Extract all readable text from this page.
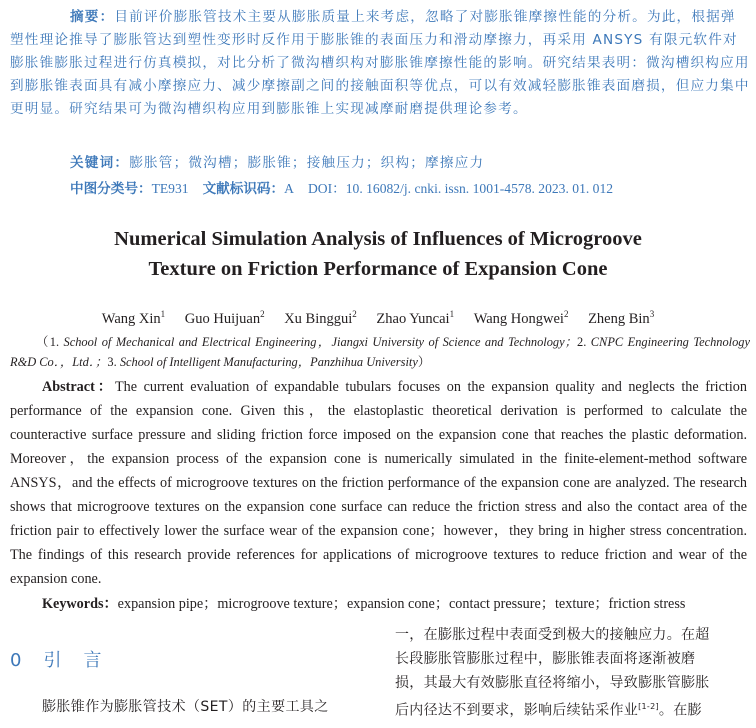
摘要：目前评价膨胀管技术主要从膨胀质量上来考虑，忽略了对膨胀锥摩擦性能的分析。为此，根据弹塑性理论推导了膨胀管达到塑性变形时反作用于膨胀锥的表面压力和滑动摩擦力，再采用 ANSYS 有限元软件对膨胀锥膨胀过程进行仿真模拟，对比分析了微沟槽织构对膨胀锥摩擦性能的影响。研究结果表明：微沟槽织构应用到膨胀锥表面具有减小摩擦应力、减少摩擦副之间的接触面积等优点，可以有效减轻膨胀锥表面磨损，但应力集中更明显。研究结果可为微沟槽织构应用到膨胀锥上实现减摩耐磨提供理论参考。
关键词：膨胀管；微沟槽；膨胀锥；接触压力；织构；摩擦应力
中图分类号：TE931 文献标识码：A DOI：10. 16082/j. cnki. issn. 1001-4578. 2023. 01. 012
Numerical Simulation Analysis of Influences of Microgroove
Texture on Friction Performance of Expansion Cone
Wang Xin$^1$ Guo Huijuan$^2$ Xu Binggui$^2$ Zhao Yuncai$^1$ Wang Hongwei$^2$ Zheng Bin$^3$
（1. School of Mechanical and Electrical Engineering，Jiangxi University of Science and Technology；2. CNPC Engineering Technology R&D Co．，Ltd．；3. School of Intelligent Manufacturing，Panzhihua University）
Abstract：The current evaluation of expandable tubulars focuses on the expansion quality and neglects the friction performance of the expansion cone. Given this，the elastoplastic theoretical derivation is performed to calculate the counteractive surface pressure and sliding friction force imposed on the expansion cone that reaches the plastic deformation. Moreover，the expansion process of the expansion cone is numerically simulated in the finite-element-method software ANSYS，and the effects of microgroove textures on the friction performance of the expansion cone are analyzed. The research shows that microgroove textures on the expansion cone surface can reduce the friction stress and also the contact area of the friction pair to effectively lower the surface wear of the expansion cone；however，they bring in higher stress concentration. The findings of this research provide references for applications of microgroove textures to reduce friction and wear of the expansion cone.
Keywords：expansion pipe；microgroove texture；expansion cone；contact pressure；texture；friction stress
0 引 言
膨胀锥作为膨胀管技术（SET）的主要工具之
一，在膨胀过程中表面受到极大的接触应力。在超
长段膨胀管膨胀过程中，膨胀锥表面将逐渐被磨
损，其最大有效膨胀直径将缩小，导致膨胀管膨胀
后内径达不到要求，影响后续钻采作业[1-2]。在膨
